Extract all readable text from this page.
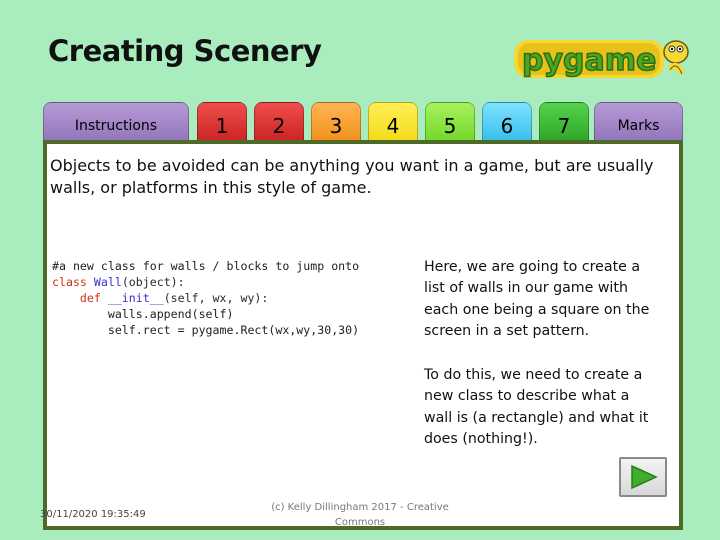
Creating Scenery	pygame
Instructions	1 2 3 4 5 6 7	Marks
Objects to be avoided can be anything you want in a game, but are usually walls, or platforms in this style of game.
#a new class for walls / blocks to jump onto
class Wall(object):
def __init__(self, wx, wy):
walls.append(self)
self.rect = pygame.Rect(wx,wy,30,30)
Here, we are going to create a list of walls in our game with each one being a square on the screen in a set pattern.
To do this, we need to create a new class to describe what a wall is (a rectangle) and what it does (nothing!).
30/11/2020 19:35:49
(c) Kelly Dillingham 2017 - Creative Commons
